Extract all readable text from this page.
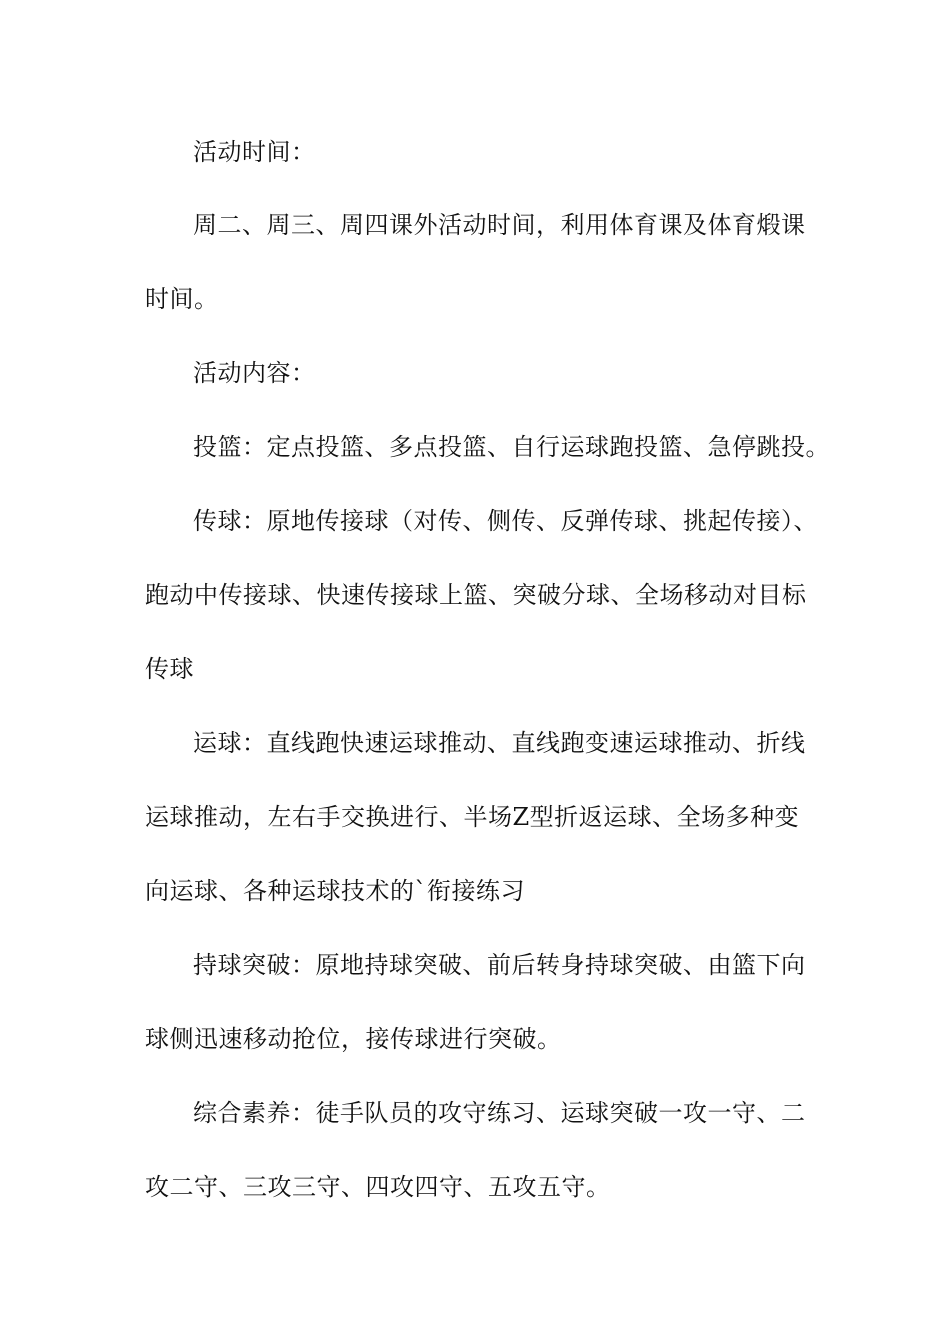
活动时间：
周二、周三、周四课外活动时间，利用体育课及体育煅课
时间。
活动内容：
投篮：定点投篮、多点投篮、自行运球跑投篮、急停跳投。
传球：原地传接球（对传、侧传、反弹传球、挑起传接）、
跑动中传接球、快速传接球上篮、突破分球、全场移动对目标
传球
运球：直线跑快速运球推动、直线跑变速运球推动、折线
运球推动，左右手交换进行、半场Z型折返运球、全场多种变
向运球、各种运球技术的`衔接练习
持球突破：原地持球突破、前后转身持球突破、由篮下向
球侧迅速移动抢位，接传球进行突破。
综合素养：徒手队员的攻守练习、运球突破一攻一守、二
攻二守、三攻三守、四攻四守、五攻五守。
